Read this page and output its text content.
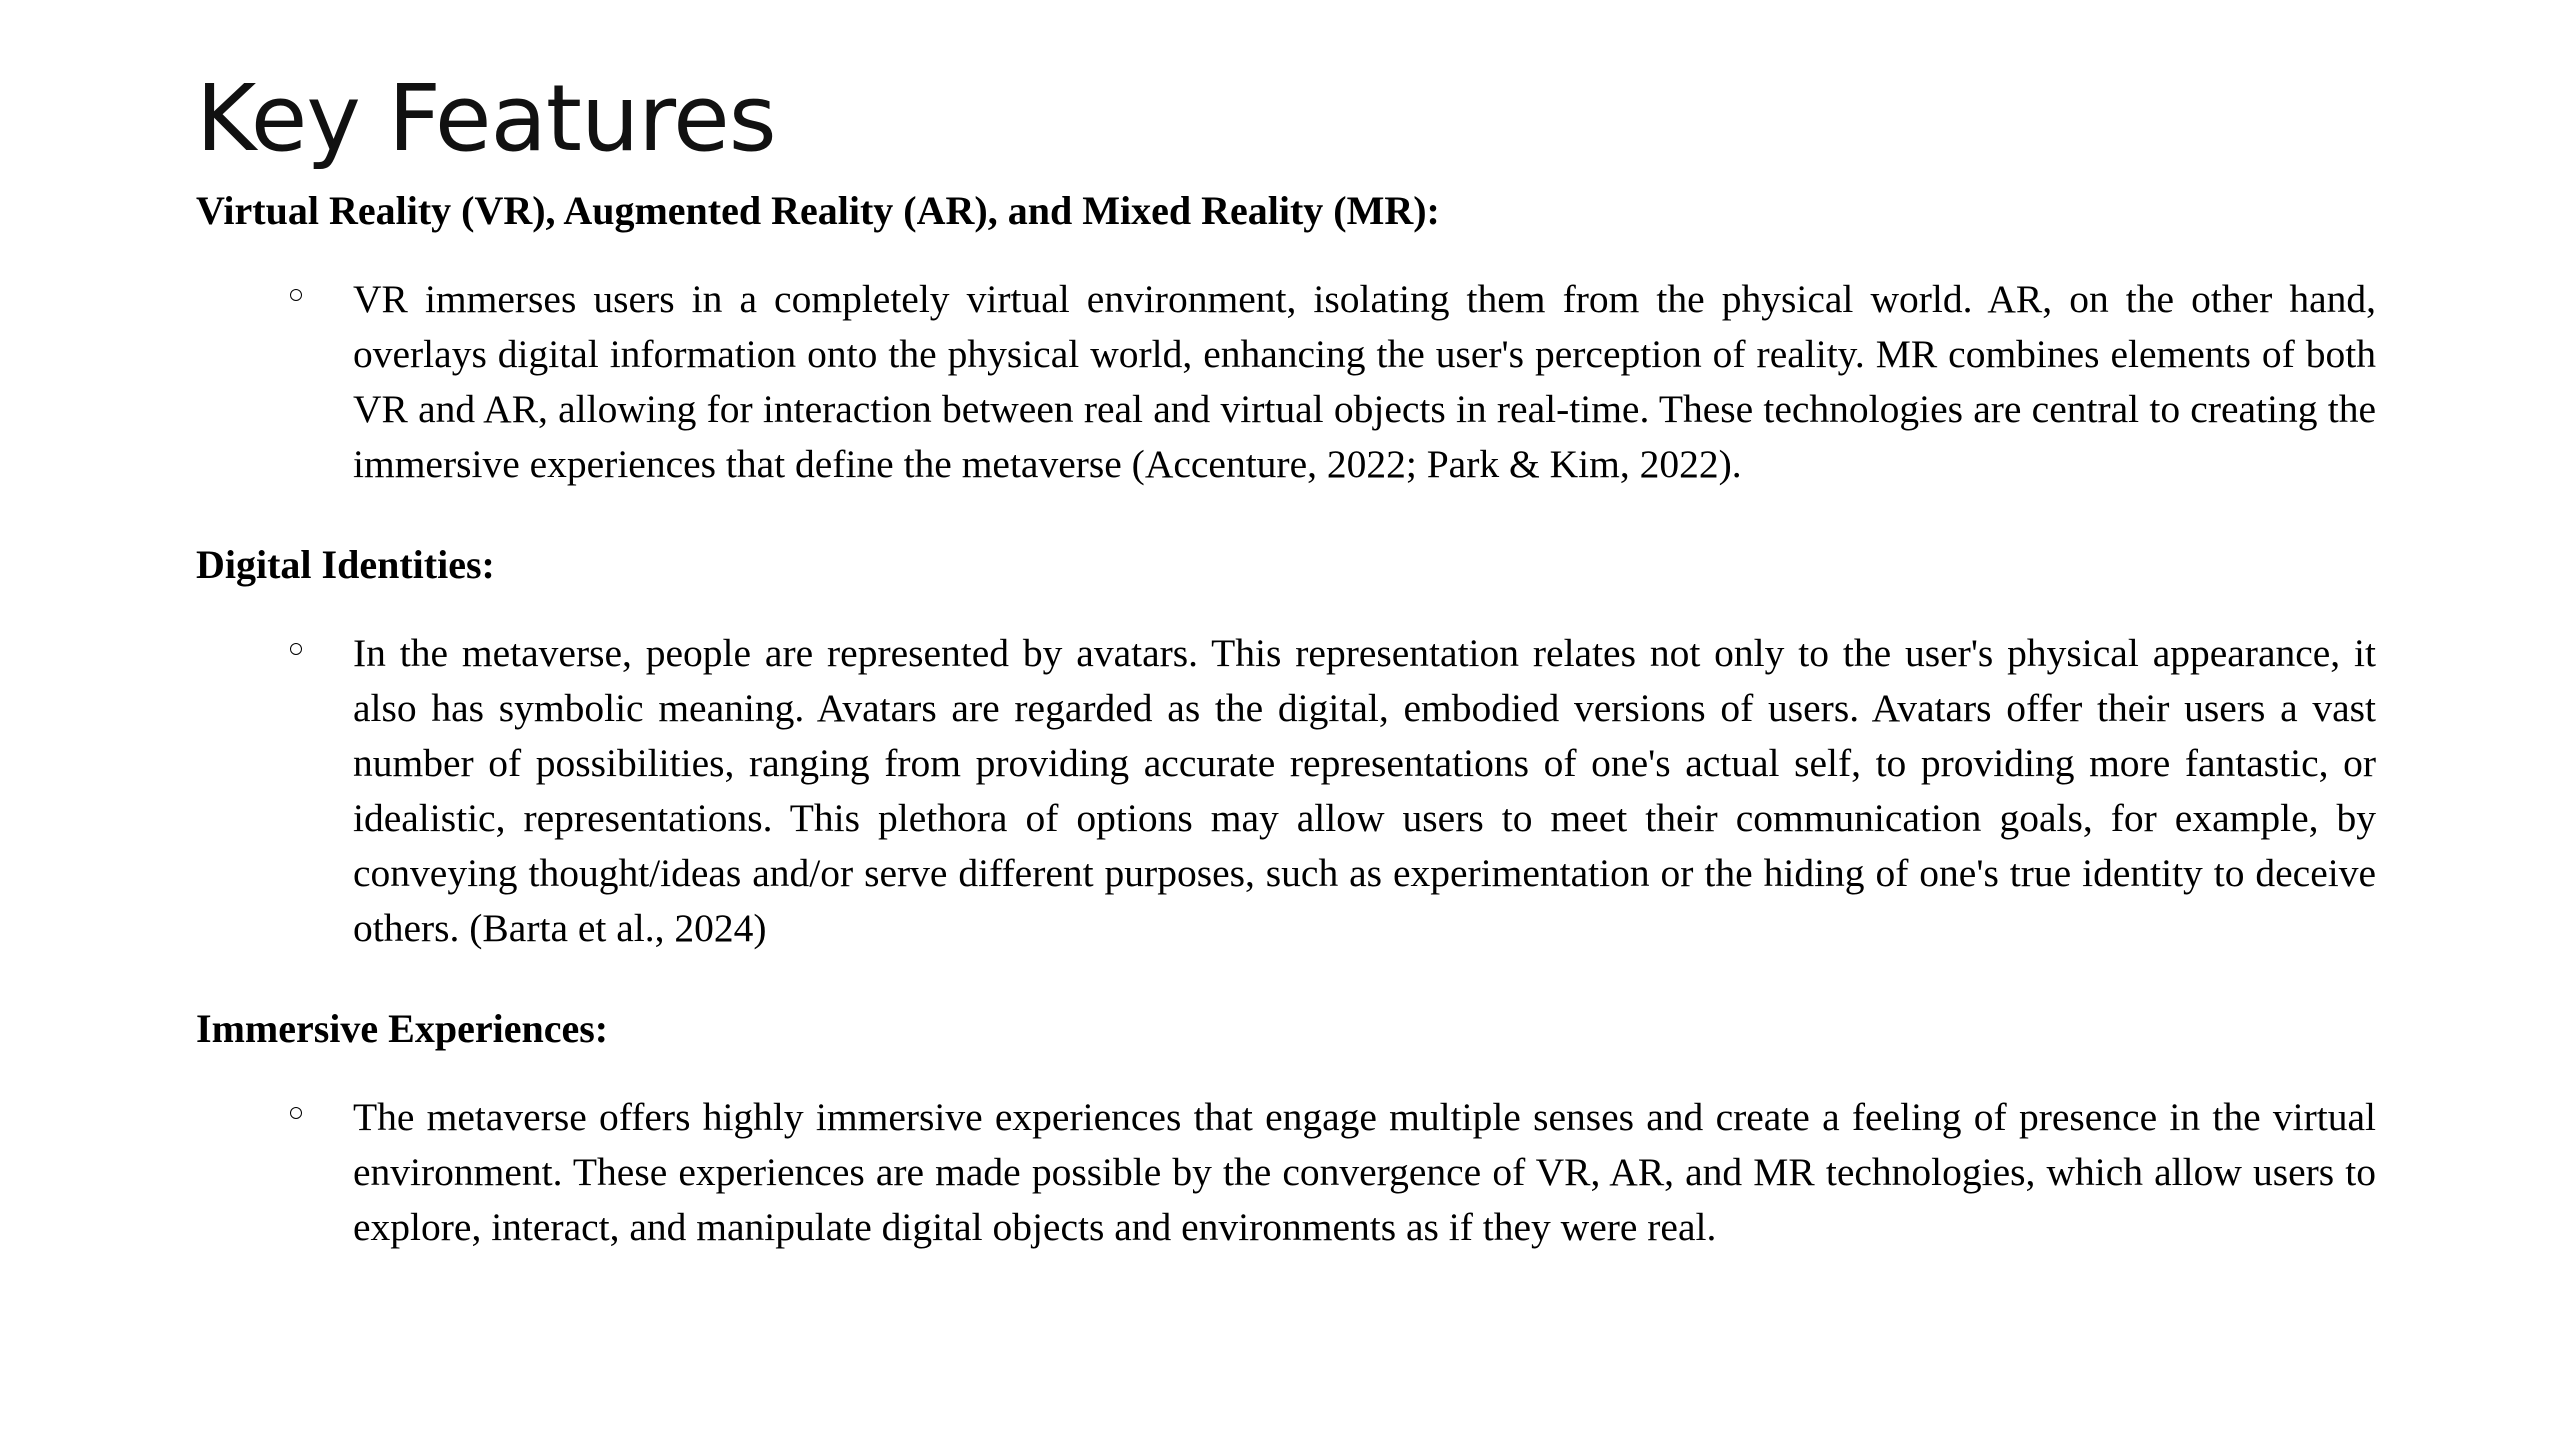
Key Features
Virtual Reality (VR), Augmented Reality (AR), and Mixed Reality (MR):

VR immerses users in a completely virtual environment, isolating them from the physical world. AR, on the other hand, overlays digital information onto the physical world, enhancing the user's perception of reality. MR combines elements of both VR and AR, allowing for interaction between real and virtual objects in real-time. These technologies are central to creating the immersive experiences that define the metaverse (Accenture, 2022; Park & Kim, 2022).

Digital Identities:

In the metaverse, people are represented by avatars. This representation relates not only to the user's physical appearance, it also has symbolic meaning. Avatars are regarded as the digital, embodied versions of users. Avatars offer their users a vast number of possibilities, ranging from providing accurate representations of one's actual self, to providing more fantastic, or idealistic, representations. This plethora of options may allow users to meet their communication goals, for example, by conveying thought/ideas and/or serve different purposes, such as experimentation or the hiding of one's true identity to deceive others. (Barta et al., 2024)

Immersive Experiences:

The metaverse offers highly immersive experiences that engage multiple senses and create a feeling of presence in the virtual environment. These experiences are made possible by the convergence of VR, AR, and MR technologies, which allow users to explore, interact, and manipulate digital objects and environments as if they were real.
